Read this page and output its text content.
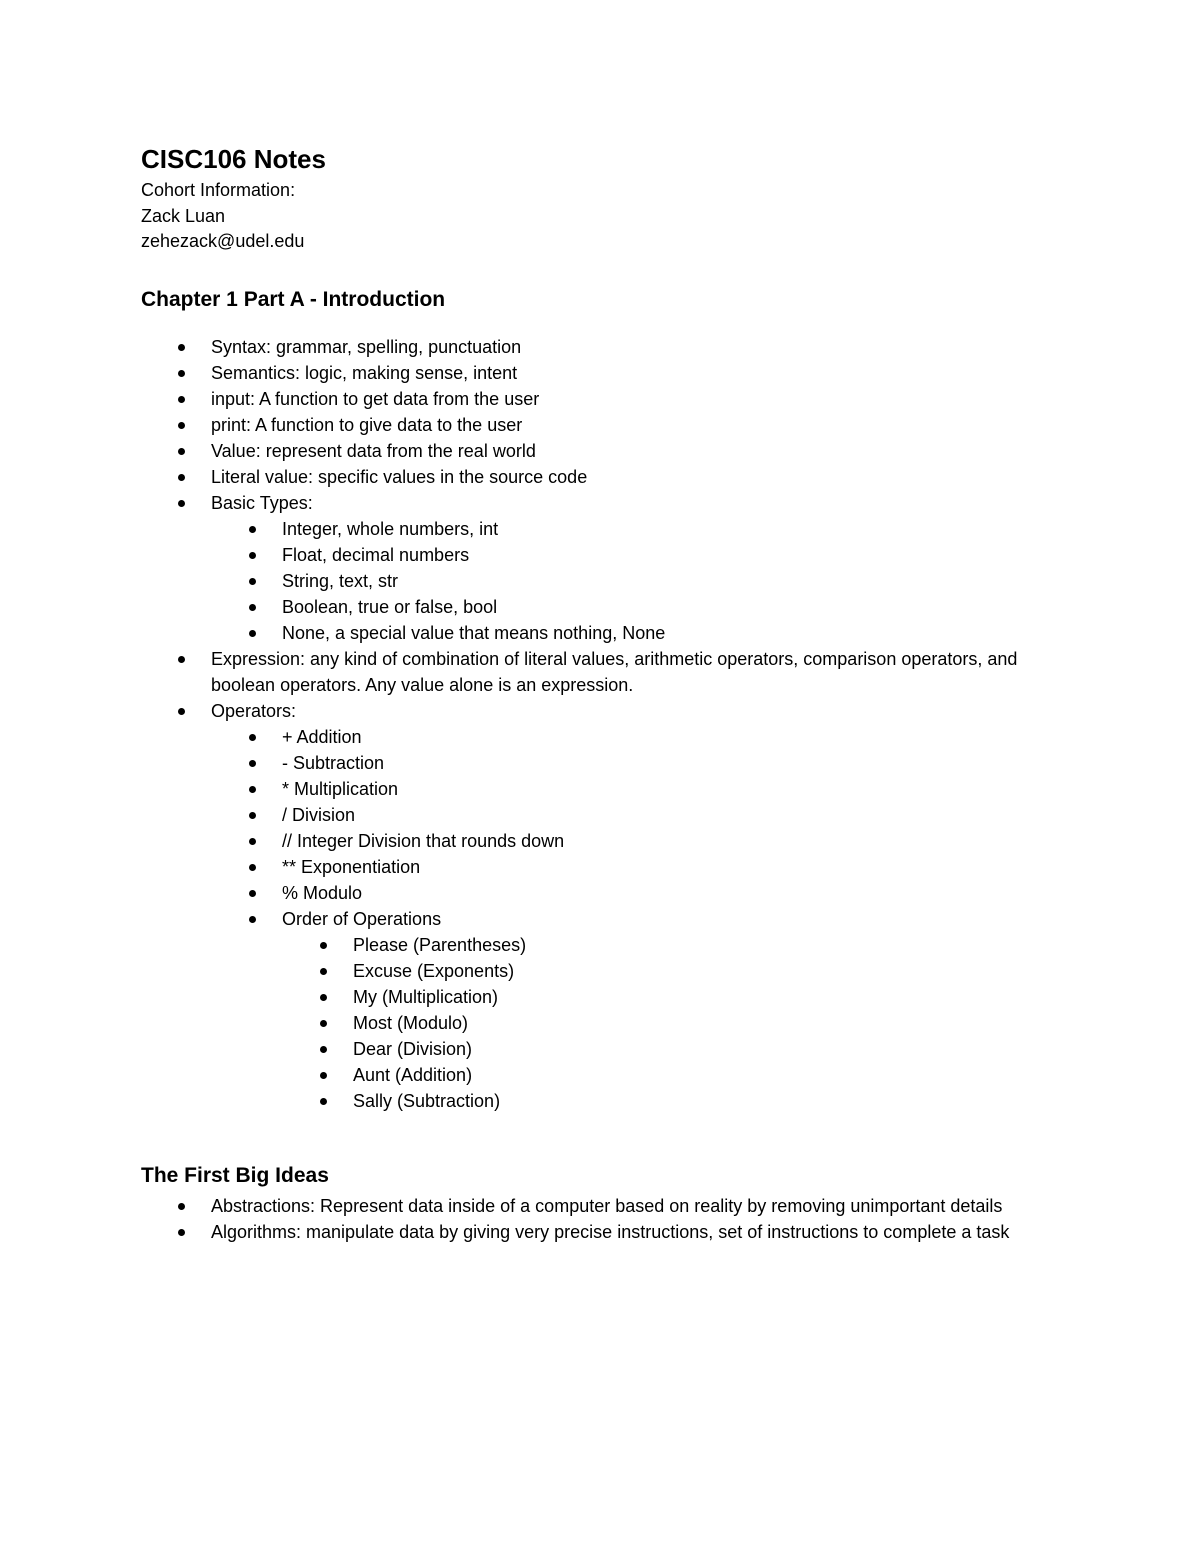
CISC106 Notes

Cohort Information:

Zack Luan

zehezack@udel.edu

Chapter 1 Part A - Introduction
Syntax: grammar, spelling, punctuation
Semantics: logic, making sense, intent
input: A function to get data from the user
print: A function to give data to the user
Value: represent data from the real world
Literal value: specific values in the source code
Basic Types:
Integer, whole numbers, int
Float, decimal numbers
String, text, str
Boolean, true or false, bool
None, a special value that means nothing, None
Expression: any kind of combination of literal values, arithmetic operators, comparison operators, and boolean operators. Any value alone is an expression.
Operators:
+ Addition
- Subtraction
* Multiplication
/ Division
// Integer Division that rounds down
** Exponentiation
% Modulo
Order of Operations
Please (Parentheses)
Excuse (Exponents)
My (Multiplication)
Most (Modulo)
Dear (Division)
Aunt (Addition)
Sally (Subtraction)
The First Big Ideas
Abstractions: Represent data inside of a computer based on reality by removing unimportant details
Algorithms: manipulate data by giving very precise instructions, set of instructions to complete a task
